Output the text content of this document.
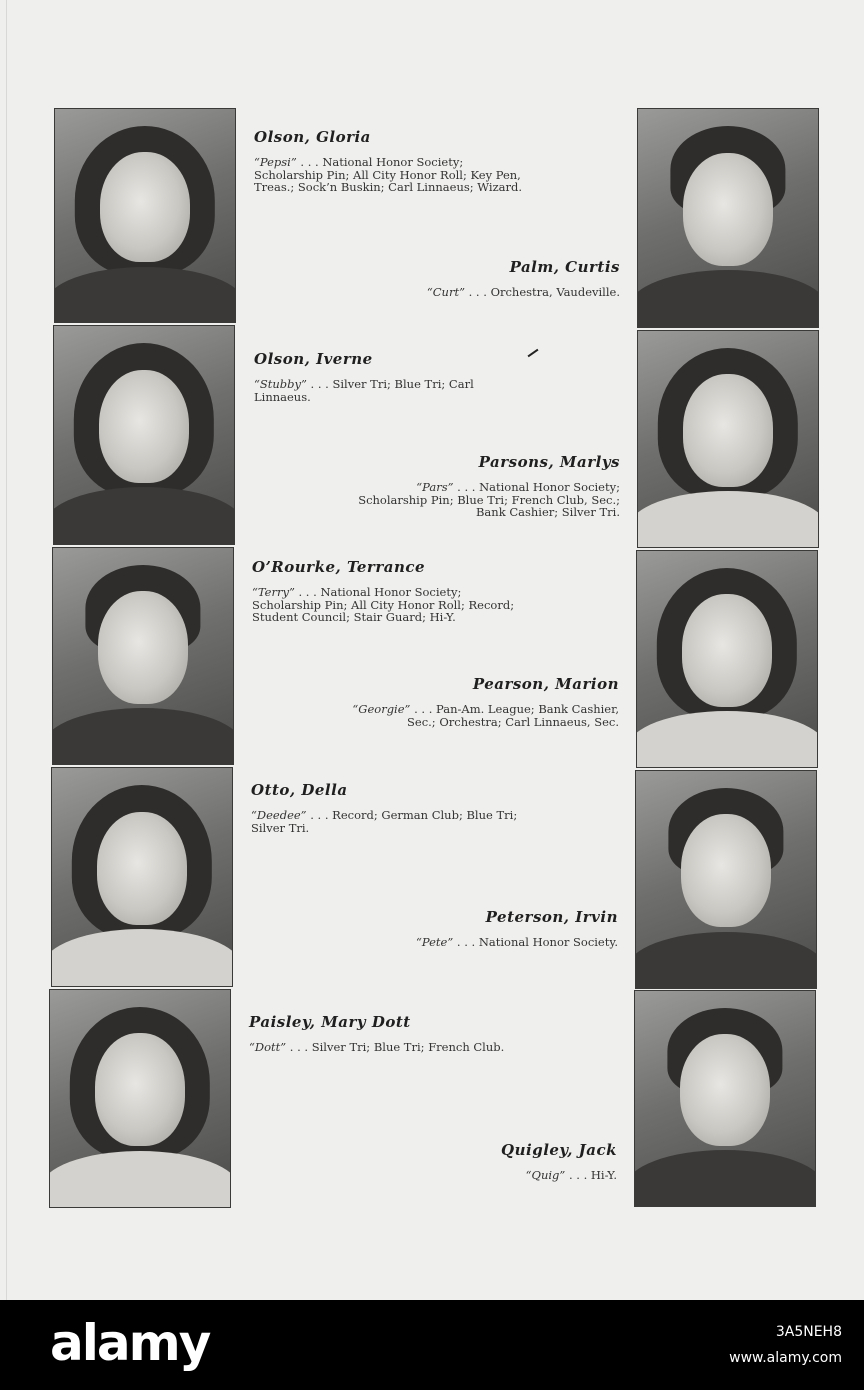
Olson, Gloria

“Pepsi” . . . National Honor Society; Scholarship Pin; All City Honor Roll; Key Pen, Treas.; Sock’n Buskin; Carl Linnaeus; Wizard.

Olson, Iverne

“Stubby” . . . Silver Tri; Blue Tri; Carl Linnaeus.

O’Rourke, Terrance

“Terry” . . . National Honor Society; Scholarship Pin; All City Honor Roll; Record; Student Council; Stair Guard; Hi-Y.

Otto, Della

“Deedee” . . . Record; German Club; Blue Tri; Silver Tri.

Paisley, Mary Dott

“Dott” . . . Silver Tri; Blue Tri; French Club.

Palm, Curtis

“Curt” . . . Orchestra, Vaudeville.

Parsons, Marlys

“Pars” . . . National Honor Society; Scholarship Pin; Blue Tri; French Club, Sec.; Bank Cashier; Silver Tri.

Pearson, Marion

“Georgie” . . . Pan-Am. League; Bank Cashier, Sec.; Orchestra; Carl Linnaeus, Sec.

Peterson, Irvin

“Pete” . . . National Honor Society.

Quigley, Jack

“Quig” . . . Hi-Y.

alamy	3A5NEH8
www.alamy.com
